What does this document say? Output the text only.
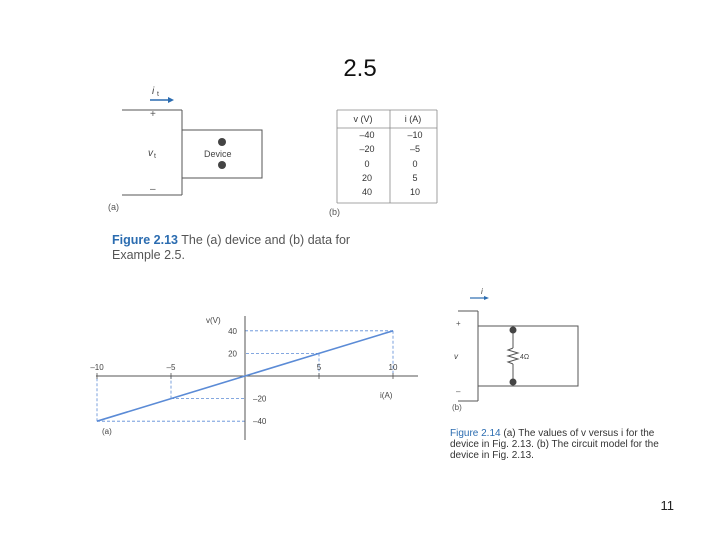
2.5
i t
+
v t
–
Device
(a)
v (V)	i (A)
–40	–10
–20	–5
0	0
20	5
40	10
(b)
Figure 2.13 The (a) device and (b) data for
Example 2.5.
–10	–5	5	10
40
20
–20
–40
v(V)
i(A)
(a)
i
+
v
–
4Ω
(b)
Figure 2.14 (a) The values of v versus i for the
device in Fig. 2.13. (b) The circuit model for the
device in Fig. 2.13.
11
